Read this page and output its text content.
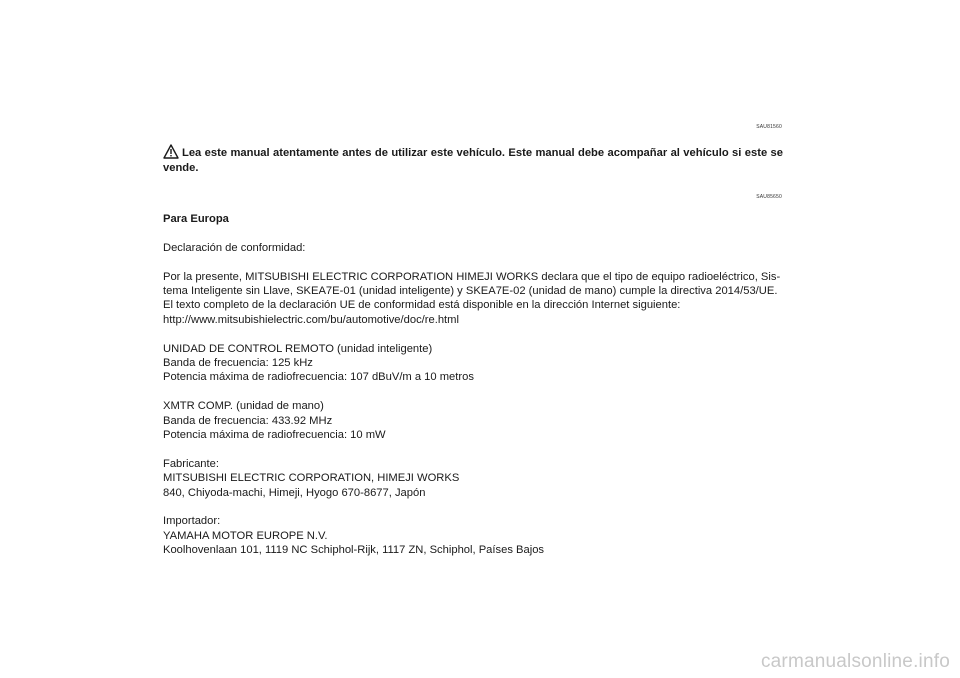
SAU81560
Lea este manual atentamente antes de utilizar este vehículo. Este manual debe acompañar al vehículo si este se vende.
SAU85650

Para Europa

Declaración de conformidad:

Por la presente, MITSUBISHI ELECTRIC CORPORATION HIMEJI WORKS declara que el tipo de equipo radioeléctrico, Sis-
tema Inteligente sin Llave, SKEA7E-01 (unidad inteligente) y SKEA7E-02 (unidad de mano) cumple la directiva 2014/53/UE.
El texto completo de la declaración UE de conformidad está disponible en la dirección Internet siguiente:
http://www.mitsubishielectric.com/bu/automotive/doc/re.html

UNIDAD DE CONTROL REMOTO (unidad inteligente)
Banda de frecuencia: 125 kHz
Potencia máxima de radiofrecuencia: 107 dBuV/m a 10 metros

XMTR COMP. (unidad de mano)
Banda de frecuencia: 433.92 MHz
Potencia máxima de radiofrecuencia: 10 mW

Fabricante:
MITSUBISHI ELECTRIC CORPORATION, HIMEJI WORKS
840, Chiyoda-machi, Himeji, Hyogo 670-8677, Japón

Importador:
YAMAHA MOTOR EUROPE N.V.
Koolhovenlaan 101, 1119 NC Schiphol-Rijk, 1117 ZN, Schiphol, Países Bajos

carmanualsonline.info
